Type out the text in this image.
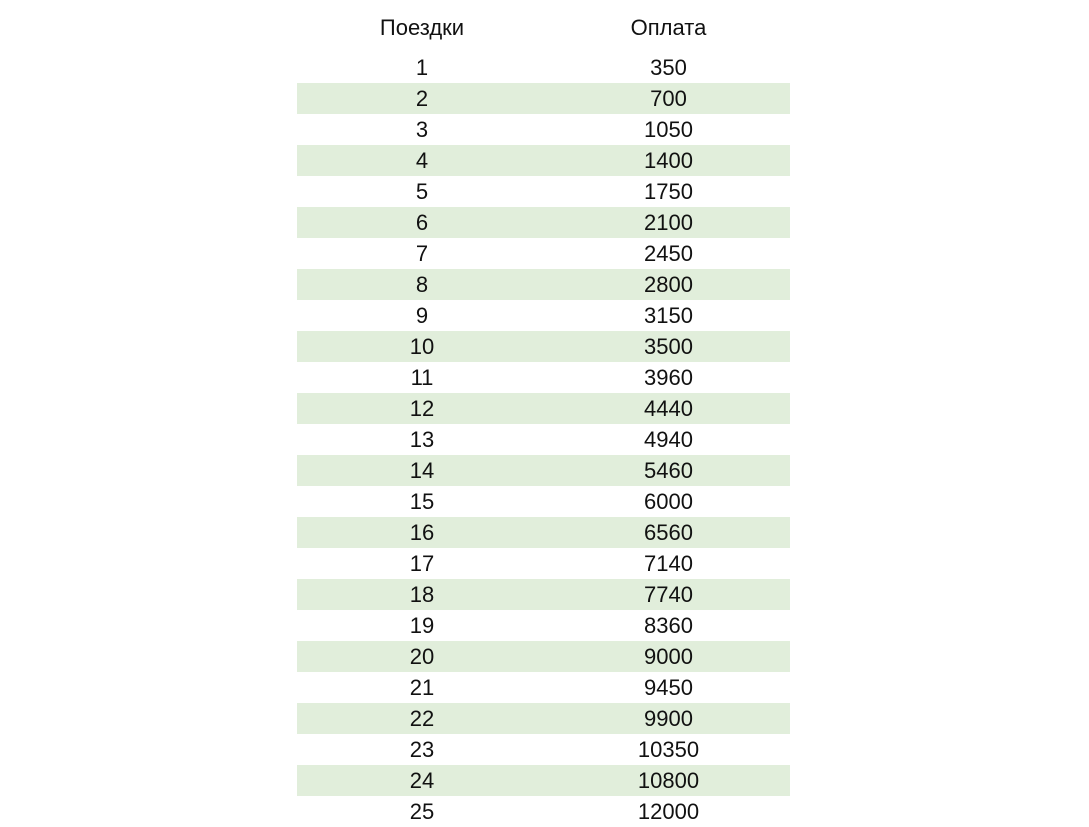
Поездки	Оплата
1	350
2	700
3	1050
4	1400
5	1750
6	2100
7	2450
8	2800
9	3150
10	3500
11	3960
12	4440
13	4940
14	5460
15	6000
16	6560
17	7140
18	7740
19	8360
20	9000
21	9450
22	9900
23	10350
24	10800
25	12000
